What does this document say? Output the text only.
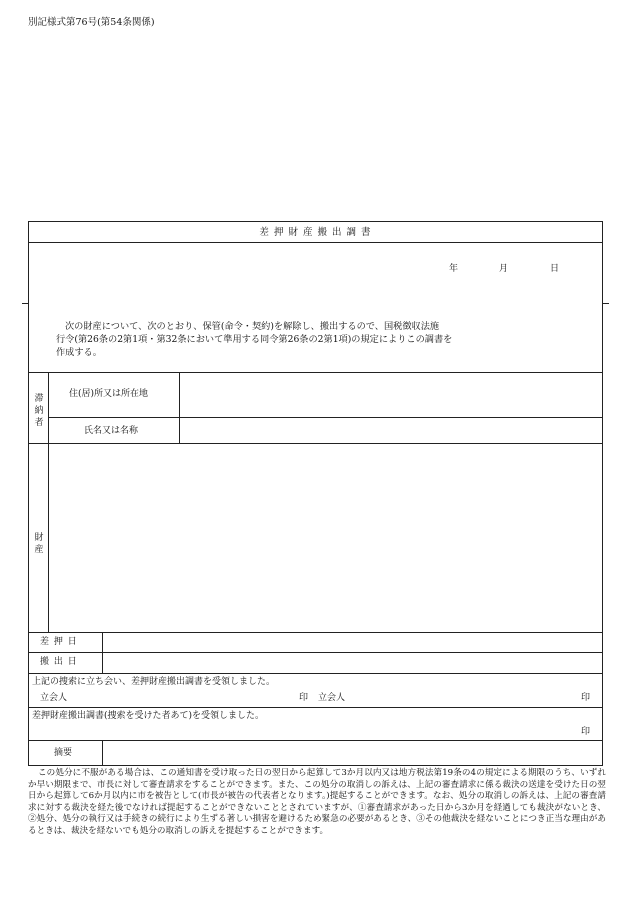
別記様式第76号(第54条関係)
差 押 財 産 搬 出 調 書
年	月	日
次の財産について、次のとおり、保管(命令・契約)を解除し、搬出するので、国税徴収法施
行令(第26条の2第1項・第32条において準用する同令第26条の2第1項)の規定によりこの調書を
作成する。
滞納者
住(居)所又は所在地
氏名又は名称
財産
差 押 日
搬 出 日
上記の捜索に立ち会い、差押財産搬出調書を受領しました。
立会人	印 立会人	印
差押財産搬出調書(捜索を受けた者あて)を受領しました。
印
摘要

この処分に不服がある場合は、この通知書を受け取った日の翌日から起算して3か月以内又は地方税法第19条の4の規定による期限のうち、いずれか早い期限まで、市長に対して審査請求をすることができます。また、この処分の取消しの訴えは、上記の審査請求に係る裁決の送達を受けた日の翌日から起算して6か月以内に市を被告として(市長が被告の代表者となります。)提起することができます。なお、処分の取消しの訴えは、上記の審査請求に対する裁決を経た後でなければ提起することができないこととされていますが、①審査請求があった日から3か月を経過しても裁決がないとき、②処分、処分の執行又は手続きの続行により生ずる著しい損害を避けるため緊急の必要があるとき、③その他裁決を経ないことにつき正当な理由があるときは、裁決を経ないでも処分の取消しの訴えを提起することができます。
